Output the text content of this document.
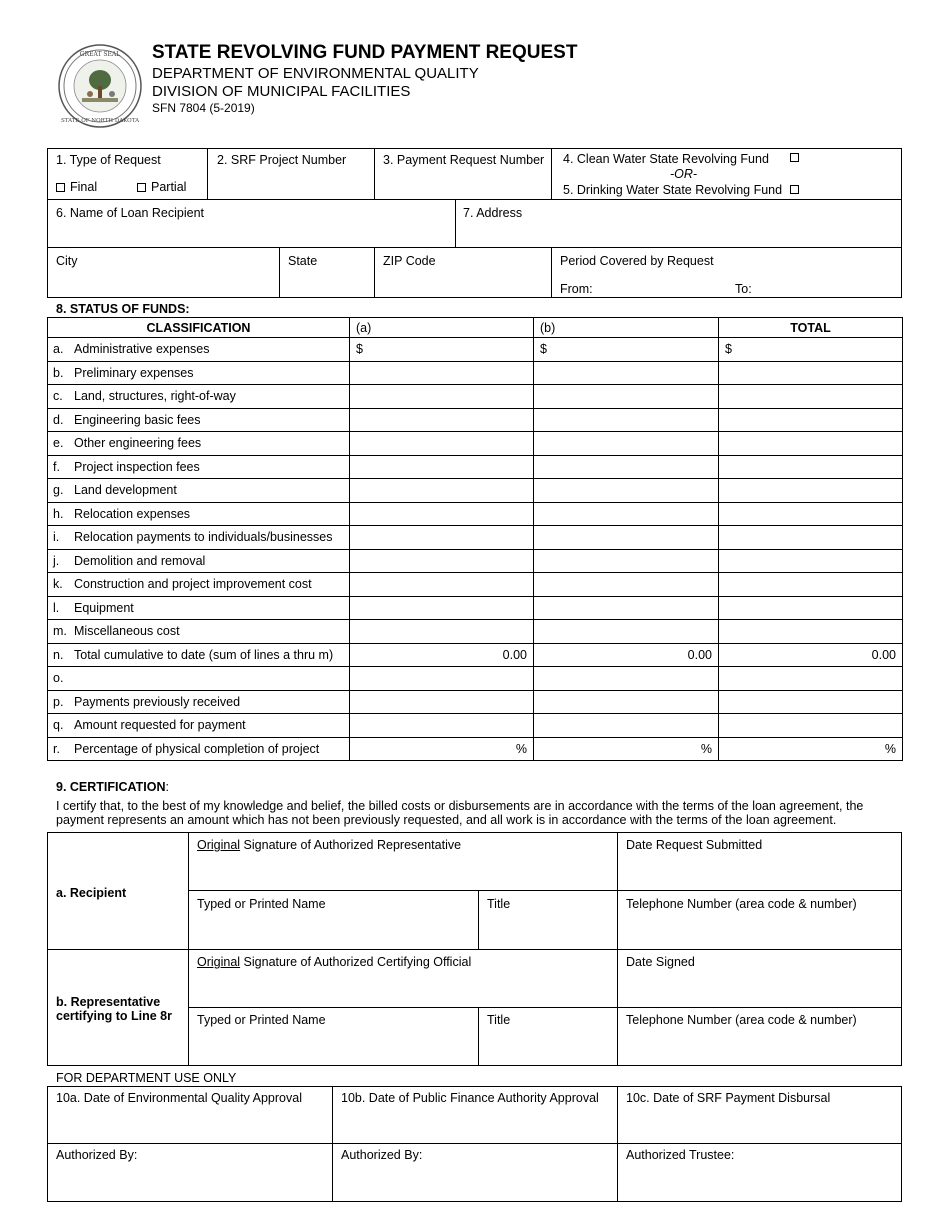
GREAT SEAL
STATE OF NORTH DAKOTA
STATE REVOLVING FUND PAYMENT REQUEST
DEPARTMENT OF ENVIRONMENTAL QUALITY
DIVISION OF MUNICIPAL FACILITIES
SFN 7804 (5-2019)
1. Type of Request
Final	Partial
2. SRF Project Number	3. Payment Request Number 4. Clean Water State Revolving Fund
-OR-
5. Drinking Water State Revolving Fund
6. Name of Loan Recipient	7. Address
City	State	ZIP Code	Period Covered by Request
From:	To:
8. STATUS OF FUNDS:
CLASSIFICATION	(a)	(b)	TOTAL
a. Administrative expenses	$	$	$
b. Preliminary expenses			
c. Land, structures, right-of-way			
d. Engineering basic fees			
e. Other engineering fees			
f. Project inspection fees			
g. Land development			
h. Relocation expenses			
i. Relocation payments to individuals/businesses			
j. Demolition and removal			
k. Construction and project improvement cost			
l. Equipment			
m. Miscellaneous cost			
n. Total cumulative to date (sum of lines a thru m)	0.00	0.00	0.00
o.			
p. Payments previously received			
q. Amount requested for payment			
r. Percentage of physical completion of project	%	%	%
9. CERTIFICATION:
I certify that, to the best of my knowledge and belief, the billed costs or disbursements are in accordance with the terms of the loan agreement, the payment represents an amount which has not been previously requested, and all work is in accordance with the terms of the loan agreement.
a. Recipient
b. Representative certifying to Line 8r
Original Signature of Authorized Representative	Date Request Submitted
Typed or Printed Name	Title	Telephone Number (area code & number)
Original Signature of Authorized Certifying Official	Date Signed
Typed or Printed Name	Title	Telephone Number (area code & number)
FOR DEPARTMENT USE ONLY
10a. Date of Environmental Quality Approval	10b. Date of Public Finance Authority Approval 10c. Date of SRF Payment Disbursal
Authorized By:	Authorized By:	Authorized Trustee:
